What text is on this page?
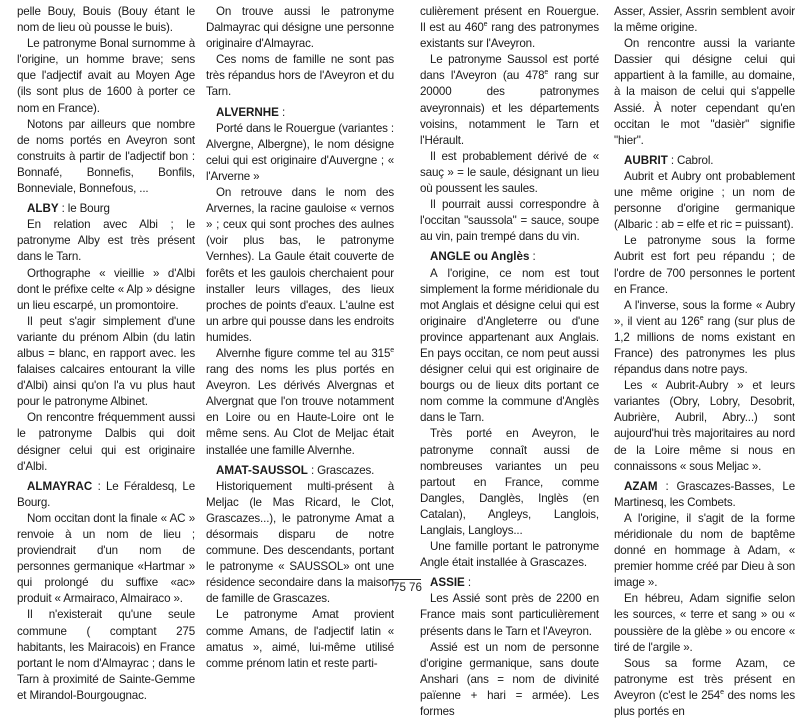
pelle Bouy, Bouis (Bouy étant le nom de lieu où pousse le buis).

Le patronyme Bonal surnomme à l'origine, un homme brave; sens que l'adjectif avait au Moyen Age (ils sont plus de 1600 à porter ce nom en France).

Notons par ailleurs que nombre de noms portés en Aveyron sont construits à partir de l'adjectif bon : Bonnafé, Bonnefis, Bonfils, Bonneviale, Bonnefous, ...

ALBY : le Bourg

En relation avec Albi ; le patronyme Alby est très présent dans le Tarn.

Orthographe « vieillie » d'Albi dont le préfixe celte « Alp » désigne un lieu escarpé, un promontoire.

Il peut s'agir simplement d'une variante du prénom Albin (du latin albus = blanc, en rapport avec. les falaises calcaires entourant la ville d'Albi) ainsi qu'on l'a vu plus haut pour le patronyme Albinet.

On rencontre fréquemment aussi le patronyme Dalbis qui doit désigner celui qui est originaire d'Albi.

ALMAYRAC : Le Féraldesq, Le Bourg.

Nom occitan dont la finale « AC » renvoie à un nom de lieu ; proviendrait d'un nom de personnes germanique «Hartmar » qui prolongé du suffixe «ac» produit « Armairaco, Almairaco ».

Il n'existerait qu'une seule commune ( comptant 275 habitants, les Mairacois) en France portant le nom d'Almayrac ; dans le Tarn à proximité de Sainte-Gemme et Mirandol-Bourgougnac.

On trouve aussi le patronyme Dalmayrac qui désigne une personne originaire d'Almayrac.

Ces noms de famille ne sont pas très répandus hors de l'Aveyron et du Tarn.

ALVERNHE :

Porté dans le Rouergue (variantes : Alvergne, Albergne), le nom désigne celui qui est originaire d'Auvergne ; « l'Arverne »

On retrouve dans le nom des Arvernes, la racine gauloise « vernos » ; ceux qui sont proches des aulnes (voir plus bas, le patronyme Vernhes). La Gaule était couverte de forêts et les gaulois cherchaient pour installer leurs villages, des lieux proches de points d'eaux. L'aulne est un arbre qui pousse dans les endroits humides.

Alvernhe figure comme tel au 315e rang des noms les plus portés en Aveyron. Les dérivés Alvergnas et Alvergnat que l'on trouve notamment en Loire ou en Haute-Loire ont le même sens. Au Clot de Meljac était installée une famille Alvernhe.

AMAT-SAUSSOL : Grascazes.

Historiquement multi-présent à Meljac (le Mas Ricard, le Clot, Grascazes...), le patronyme Amat a désormais disparu de notre commune. Des descendants, portant le patronyme « SAUSSOL» ont une résidence secondaire dans la maison de famille de Grascazes.

Le patronyme Amat provient comme Amans, de l'adjectif latin « amatus », aimé, lui-même utilisé comme prénom latin et reste parti-

culièrement présent en Rouergue. Il est au 460e rang des patronymes existants sur l'Aveyron.

Le patronyme Saussol est porté dans l'Aveyron (au 478e rang sur 20000 des patronymes aveyronnais) et les départements voisins, notamment le Tarn et l'Hérault.

Il est probablement dérivé de « sauç » = le saule, désignant un lieu où poussent les saules.

Il pourrait aussi correspondre à l'occitan "saussola" = sauce, soupe au vin, pain trempé dans du vin.

ANGLE ou Anglès :

A l'origine, ce nom est tout simplement la forme méridionale du mot Anglais et désigne celui qui est originaire d'Angleterre ou d'une province appartenant aux Anglais. En pays occitan, ce nom peut aussi désigner celui qui est originaire de bourgs ou de lieux dits portant ce nom comme la commune d'Anglès dans le Tarn.

Très porté en Aveyron, le patronyme connaît aussi de nombreuses variantes un peu partout en France, comme Dangles, Danglès, Inglès (en Catalan), Angleys, Langlois, Langlais, Langloys...

Une famille portant le patronyme Angle était installée à Grascazes.

ASSIE :

Les Assié sont près de 2200 en France mais sont particulièrement présents dans le Tarn et l'Aveyron.

Assié est un nom de personne d'origine germanique, sans doute Anshari (ans = nom de divinité païenne + hari = armée). Les formes

Asser, Assier, Assrin semblent avoir la même origine.

On rencontre aussi la variante Dassier qui désigne celui qui appartient à la famille, au domaine, à la maison de celui qui s'appelle Assié. À noter cependant qu'en occitan le mot "dasièr" signifie "hier".

AUBRIT : Cabrol.

Aubrit et Aubry ont probablement une même origine ; un nom de personne d'origine germanique (Albaric : ab = elfe et ric = puissant).

Le patronyme sous la forme Aubrit est fort peu répandu ; de l'ordre de 700 personnes le portent en France.

A l'inverse, sous la forme « Aubry », il vient au 126e rang (sur plus de 1,2 millions de noms existant en France) des patronymes les plus répandus dans notre pays.

Les « Aubrit-Aubry » et leurs variantes (Obry, Lobry, Desobrit, Aubrière, Aubril, Abry...) sont aujourd'hui très majoritaires au nord de la Loire même si nous en connaissons « sous Meljac ».

AZAM : Grascazes-Basses, Le Martinesq, les Combets.

A l'origine, il s'agit de la forme méridionale du nom de baptême donné en hommage à Adam, « premier homme créé par Dieu à son image ».

En hébreu, Adam signifie selon les sources, « terre et sang » ou « poussière de la glèbe » ou encore « tiré de l'argile ».

Sous sa forme Azam, ce patronyme est très présent en Aveyron (c'est le 254e des noms les plus portés en

75 76
